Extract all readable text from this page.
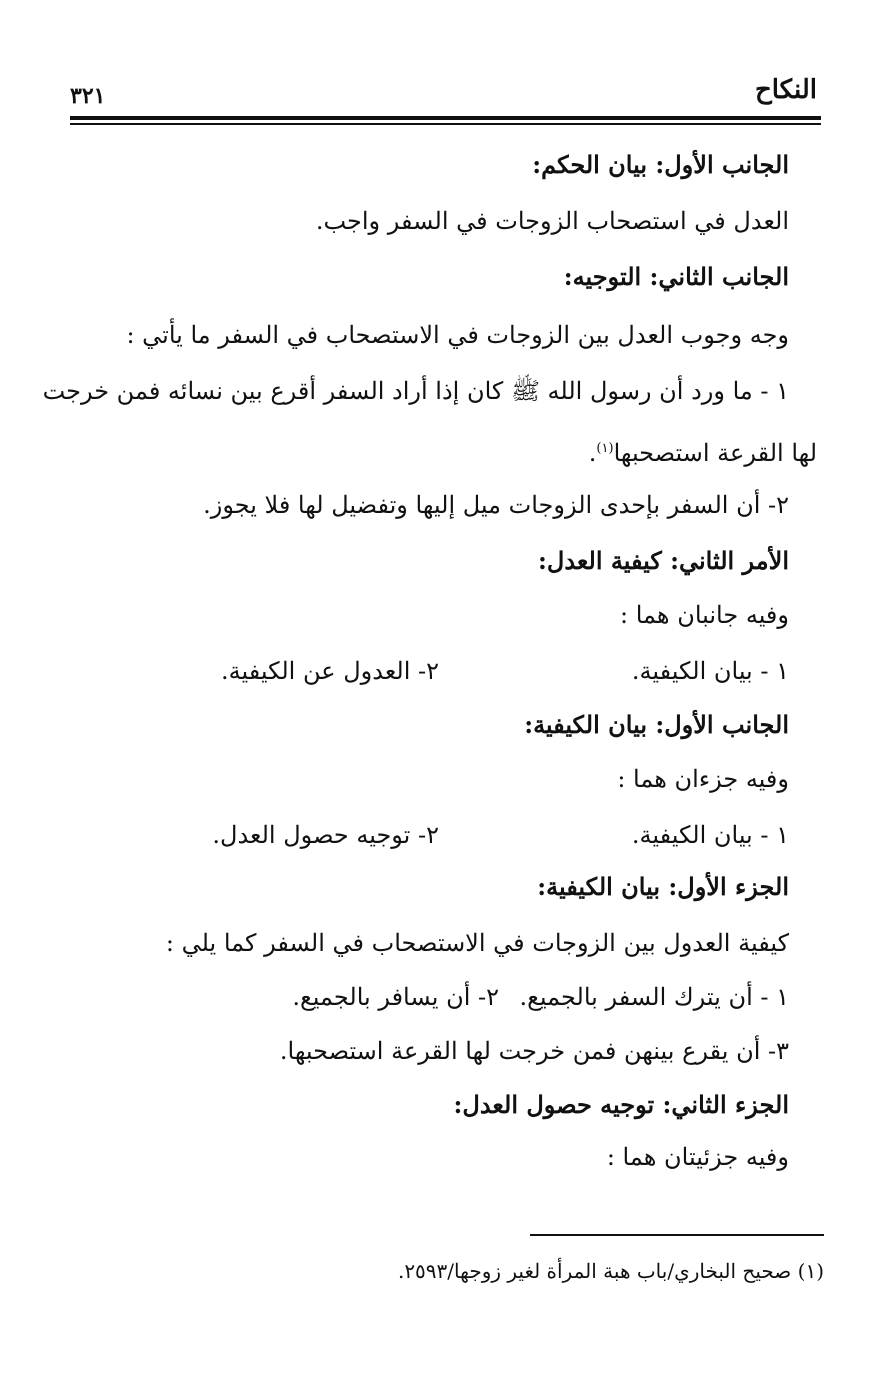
النكاح
٣٢١
الجانب الأول: بيان الحكم:
العدل في استصحاب الزوجات في السفر واجب.
الجانب الثاني: التوجيه:
وجه وجوب العدل بين الزوجات في الاستصحاب في السفر ما يأتي :
١ - ما ورد أن رسول الله ﷺ كان إذا أراد السفر أقرع بين نسائه فمن خرجت
لها القرعة استصحبها$^{(١)}$.
٢- أن السفر بإحدى الزوجات ميل إليها وتفضيل لها فلا يجوز.
الأمر الثاني: كيفية العدل:
وفيه جانبان هما :
١ - بيان الكيفية.
٢- العدول عن الكيفية.
الجانب الأول: بيان الكيفية:
وفيه جزءان هما :
١ - بيان الكيفية.
٢- توجيه حصول العدل.
الجزء الأول: بيان الكيفية:
كيفية العدول بين الزوجات في الاستصحاب في السفر كما يلي :
١ - أن يترك السفر بالجميع.
٢- أن يسافر بالجميع.
٣- أن يقرع بينهن فمن خرجت لها القرعة استصحبها.
الجزء الثاني: توجيه حصول العدل:
وفيه جزئيتان هما :
(١) صحيح البخاري/باب هبة المرأة لغير زوجها/٢٥٩٣.
